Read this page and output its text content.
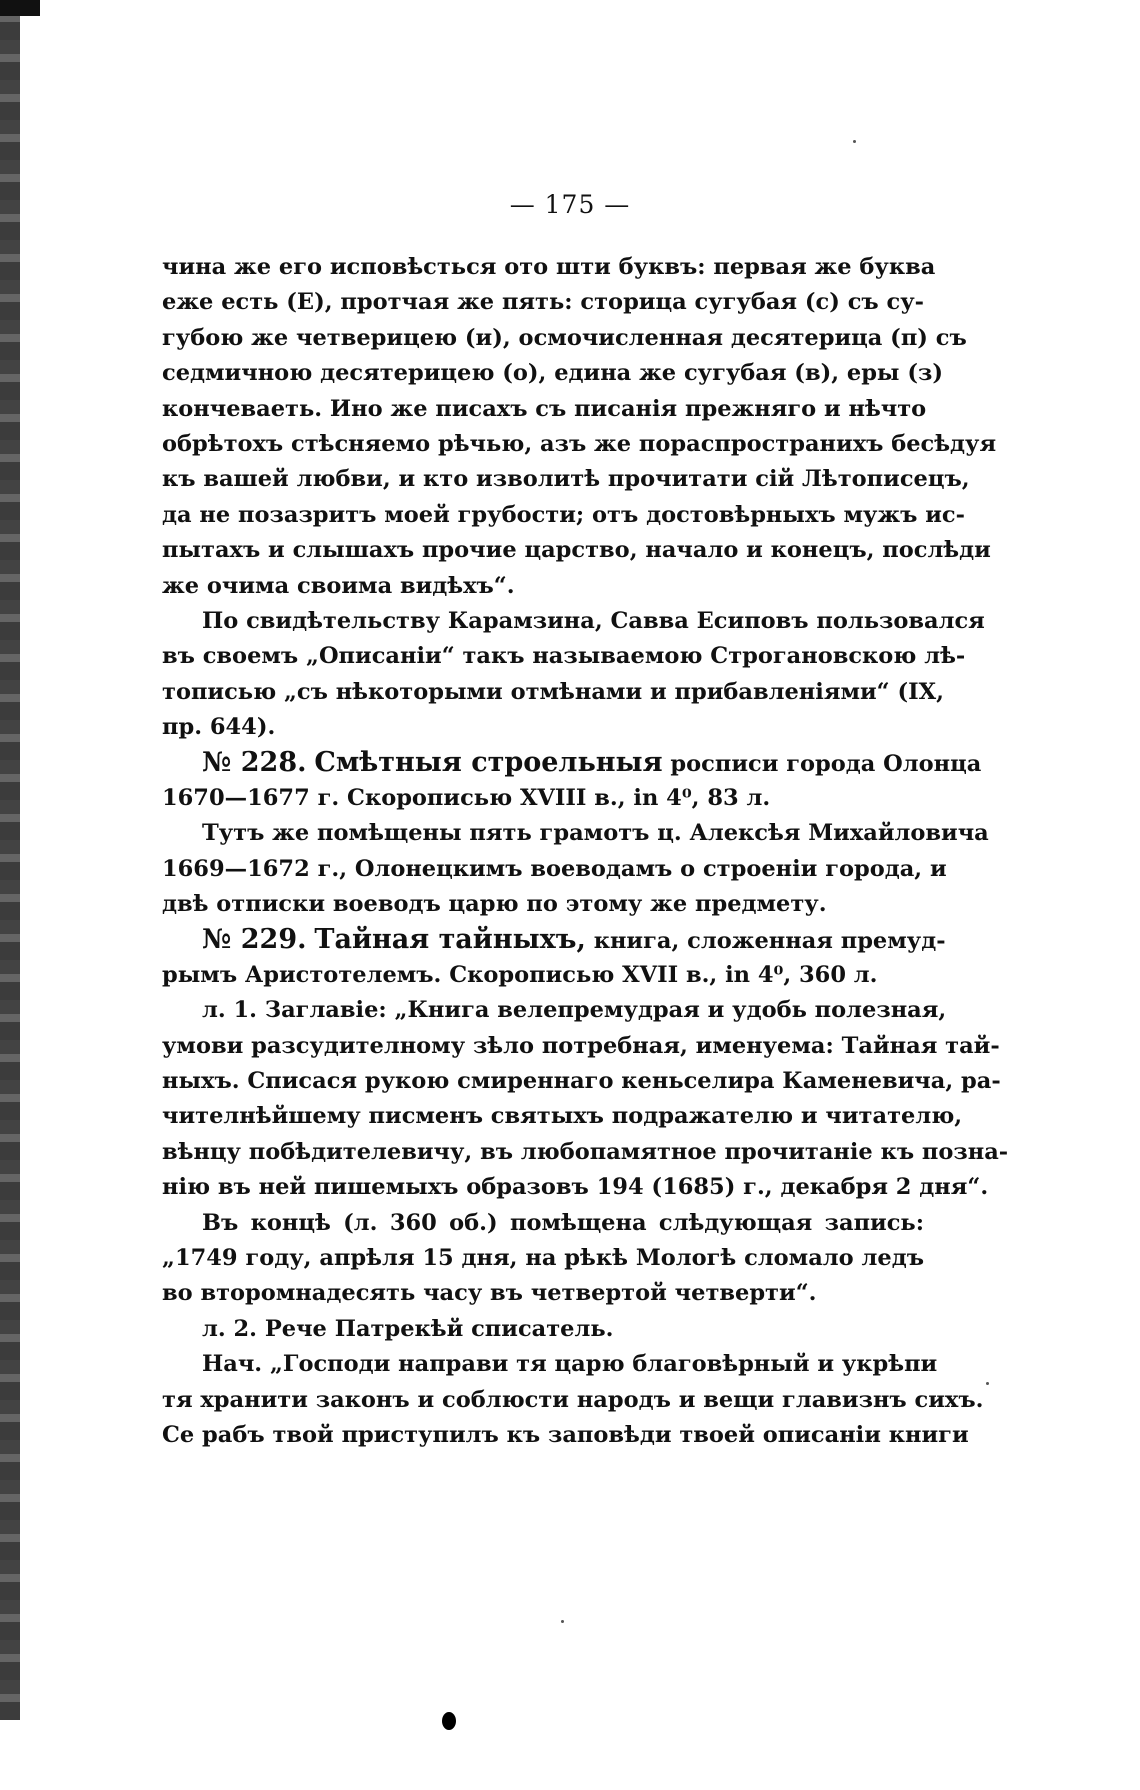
— 175 —
чина же его исповѣсться ото шти буквъ: первая же буква
еже есть (Е), протчая же пять: сторица сугубая (с) съ су-
губою же четверицею (и), осмочисленная десятерица (п) съ
седмичною десятерицею (о), едина же сугубая (в), еры (з)
кончеваеть. Ино же писахъ съ писанія прежняго и нѣчто
обрѣтохъ стѣсняемо рѣчью, азъ же пораспространихъ бесѣдуя
къ вашей любви, и кто изволитѣ прочитати сій Лѣтописецъ,
да не позазритъ моей грубости; отъ достовѣрныхъ мужъ ис-
пытахъ и слышахъ прочие царство, начало и конецъ, послѣди
же очима своима видѣхъ“.
По свидѣтельству Карамзина, Савва Есиповъ пользовался
въ своемъ „Описаніи“ такъ называемою Строгановскою лѣ-
тописью „съ нѣкоторыми отмѣнами и прибавленіями“ (IX,
пр. 644).
№ 228. Смѣтныя строельныя росписи города Олонца
1670—1677 г. Скорописью XVIII в., in 4⁰, 83 л.
Тутъ же помѣщены пять грамотъ ц. Алексѣя Михайловича
1669—1672 г., Олонецкимъ воеводамъ о строеніи города, и
двѣ отписки воеводъ царю по этому же предмету.
№ 229. Тайная тайныхъ, книга, сложенная премуд-
рымъ Аристотелемъ. Скорописью XVII в., in 4⁰, 360 л.
л. 1. Заглавіе: „Книга велепремудрая и удобь полезная,
умови разсудителному зѣло потребная, именуема: Тайная тай-
ныхъ. Списася рукою смиреннаго кеньселира Каменевича, ра-
чителнѣйшему писменъ святыхъ подражателю и читателю,
вѣнцу побѣдителевичу, въ любопамятное прочитаніе къ позна-
нію въ ней пишемыхъ образовъ 194 (1685) г., декабря 2 дня“.
Въ концѣ (л. 360 об.) помѣщена слѣдующая запись:
„1749 году, апрѣля 15 дня, на рѣкѣ Мологѣ сломало ледъ
во второмнадесять часу въ четвертой четверти“.
л. 2. Рече Патрекѣй списатель.
Нач. „Господи направи тя царю благовѣрный и укрѣпи
тя хранити законъ и соблюсти народъ и вещи главизнъ сихъ.
Се рабъ твой приступилъ къ заповѣди твоей описаніи книги
